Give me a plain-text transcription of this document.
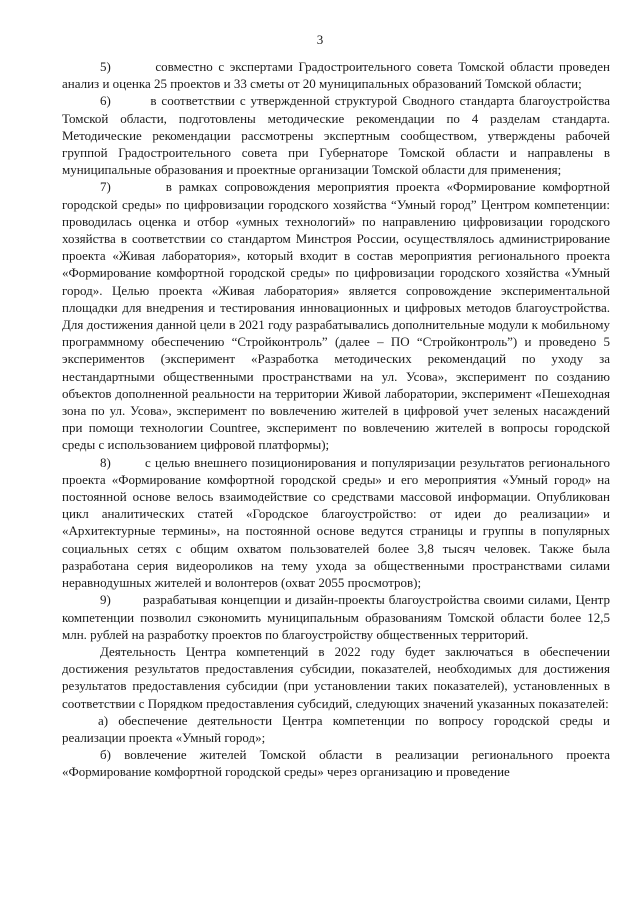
3

5)        совместно с экспертами Градостроительного совета Томской области проведен анализ и оценка 25 проектов и 33 сметы от 20 муниципальных образований Томской области;

6)        в соответствии с утвержденной структурой Сводного стандарта благоустройства Томской области, подготовлены методические рекомендации по 4 разделам стандарта. Методические рекомендации рассмотрены экспертным сообществом, утверждены рабочей группой Градостроительного совета при Губернаторе Томской области и направлены в муниципальные образования и проектные организации Томской области для применения;

7)        в рамках сопровождения мероприятия проекта «Формирование комфортной городской среды» по цифровизации городского хозяйства “Умный город” Центром компетенции: проводилась оценка и отбор «умных технологий» по направлению цифровизации городского хозяйства в соответствии со стандартом Минстроя России, осуществлялось администрирование проекта «Живая лаборатория», который входит в состав мероприятия регионального проекта «Формирование комфортной городской среды» по цифровизации городского хозяйства «Умный город». Целью проекта «Живая лаборатория» является сопровождение экспериментальной площадки для внедрения и тестирования инновационных и цифровых методов благоустройства. Для достижения данной цели в 2021 году разрабатывались дополнительные модули к мобильному программному обеспечению “Стройконтроль” (далее – ПО “Стройконтроль”) и проведено 5 экспериментов (эксперимент «Разработка методических рекомендаций по уходу за нестандартными общественными пространствами на ул. Усова», эксперимент по созданию объектов дополненной реальности на территории Живой лаборатории, эксперимент «Пешеходная зона по ул. Усова», эксперимент по вовлечению жителей в цифровой учет зеленых насаждений при помощи технологии Countree, эксперимент по вовлечению жителей в вопросы городской среды с использованием цифровой платформы);

8)        с целью внешнего позиционирования и популяризации результатов регионального проекта «Формирование комфортной городской среды» и его мероприятия «Умный город» на постоянной основе велось взаимодействие со средствами массовой информации. Опубликован цикл аналитических статей «Городское благоустройство: от идеи до реализации» и «Архитектурные термины», на постоянной основе ведутся страницы и группы в популярных социальных сетях с общим охватом пользователей более 3,8 тысяч человек. Также была разработана серия видеороликов на тему ухода за общественными пространствами силами неравнодушных жителей и волонтеров (охват 2055 просмотров);

9)        разрабатывая концепции и дизайн-проекты благоустройства своими силами, Центр компетенции позволил сэкономить муниципальным образованиям Томской области более 12,5 млн. рублей на разработку проектов по благоустройству общественных территорий.

Деятельность Центра компетенций в 2022 году будет заключаться в обеспечении достижения результатов предоставления субсидии, показателей, необходимых для достижения результатов предоставления субсидии (при установлении таких показателей), установленных в соответствии с Порядком предоставления субсидий, следующих значений указанных показателей:

а) обеспечение деятельности Центра компетенции по вопросу городской среды и реализации проекта «Умный город»;

б) вовлечение жителей Томской области в реализации регионального проекта «Формирование комфортной городской среды» через организацию и проведение
